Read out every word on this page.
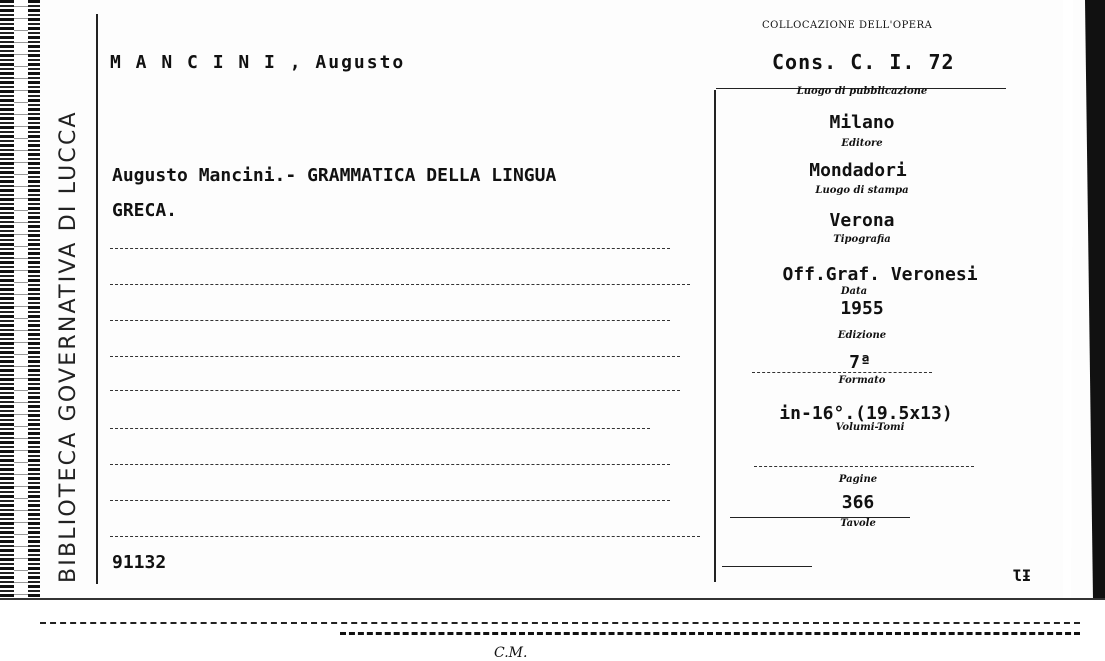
BIBLIOTECA GOVERNATIVA DI LUCCA
M A N C I N I , Augusto
Augusto Mancini.- GRAMMATICA DELLA LINGUA
GRECA.
91132
COLLOCAZIONE DELL'OPERA
Cons. C. I. 72
Luogo di pubblicazione
Milano
Editore
Mondadori
Luogo di stampa
Verona
Tipografia
Off.Graf. Veronesi
Data
1955
Edizione
7ª
Formato
in-16°.(19.5x13)
Volumi-Tomi
Pagine
366
Tavole
ƖƗ
C.M.
